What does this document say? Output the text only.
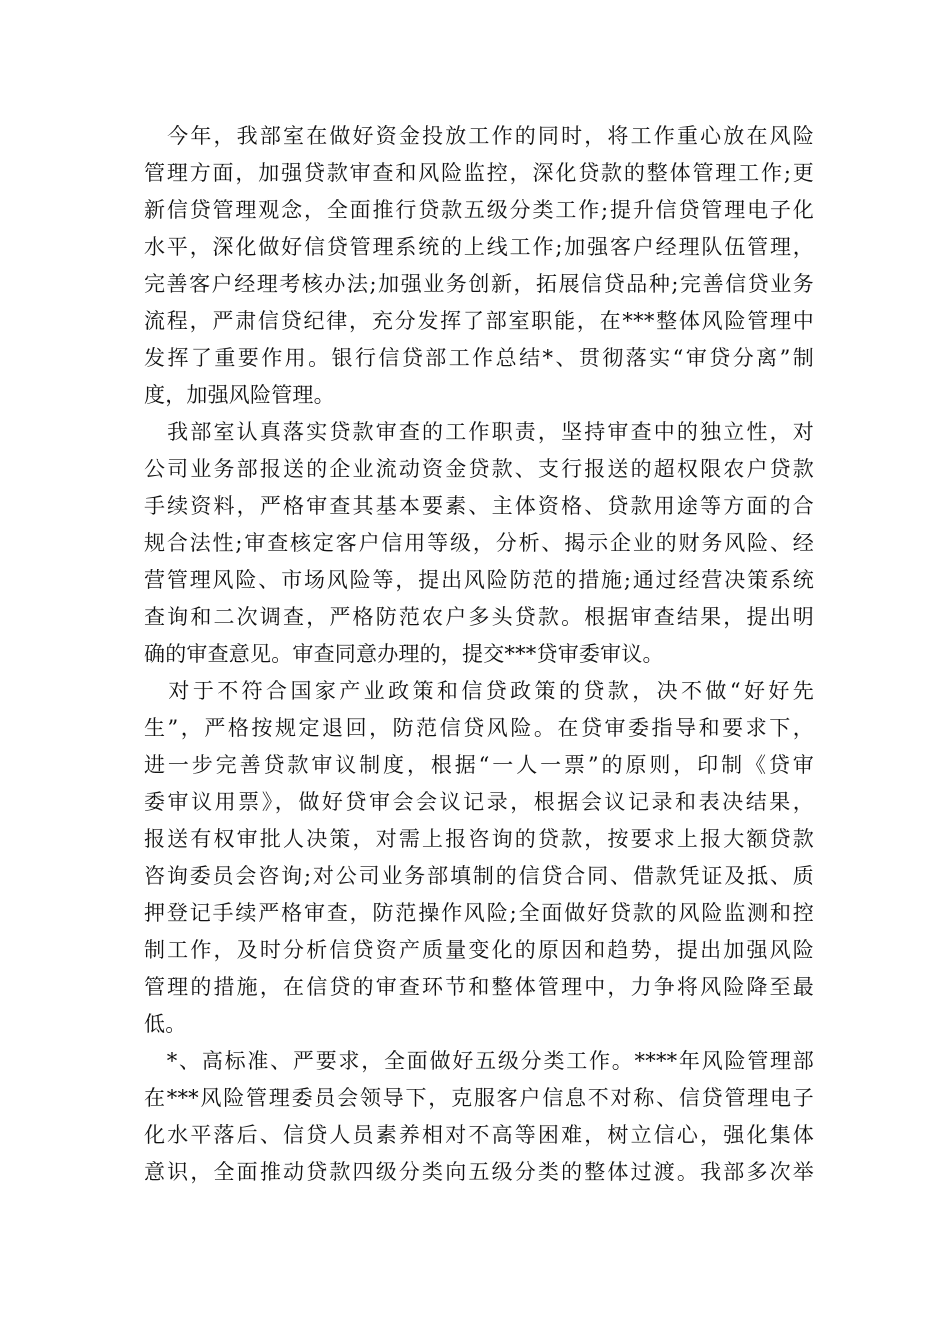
　今年，我部室在做好资金投放工作的同时，将工作重心放在风险
管理方面，加强贷款审查和风险监控，深化贷款的整体管理工作;更
新信贷管理观念，全面推行贷款五级分类工作;提升信贷管理电子化
水平，深化做好信贷管理系统的上线工作;加强客户经理队伍管理，
完善客户经理考核办法;加强业务创新，拓展信贷品种;完善信贷业务
流程，严肃信贷纪律，充分发挥了部室职能，在***整体风险管理中
发挥了重要作用。银行信贷部工作总结*、贯彻落实“审贷分离”制
度，加强风险管理。
　我部室认真落实贷款审查的工作职责，坚持审查中的独立性，对
公司业务部报送的企业流动资金贷款、支行报送的超权限农户贷款
手续资料，严格审查其基本要素、主体资格、贷款用途等方面的合
规合法性;审查核定客户信用等级，分析、揭示企业的财务风险、经
营管理风险、市场风险等，提出风险防范的措施;通过经营决策系统
查询和二次调查，严格防范农户多头贷款。根据审查结果，提出明
确的审查意见。审查同意办理的，提交***贷审委审议。
　对于不符合国家产业政策和信贷政策的贷款，决不做“好好先
生”，严格按规定退回，防范信贷风险。在贷审委指导和要求下，
进一步完善贷款审议制度，根据“一人一票”的原则，印制《贷审
委审议用票》，做好贷审会会议记录，根据会议记录和表决结果，
报送有权审批人决策，对需上报咨询的贷款，按要求上报大额贷款
咨询委员会咨询;对公司业务部填制的信贷合同、借款凭证及抵、质
押登记手续严格审查，防范操作风险;全面做好贷款的风险监测和控
制工作，及时分析信贷资产质量变化的原因和趋势，提出加强风险
管理的措施，在信贷的审查环节和整体管理中，力争将风险降至最
低。
　*、高标准、严要求，全面做好五级分类工作。****年风险管理部
在***风险管理委员会领导下，克服客户信息不对称、信贷管理电子
化水平落后、信贷人员素养相对不高等困难，树立信心，强化集体
意识，全面推动贷款四级分类向五级分类的整体过渡。我部多次举
